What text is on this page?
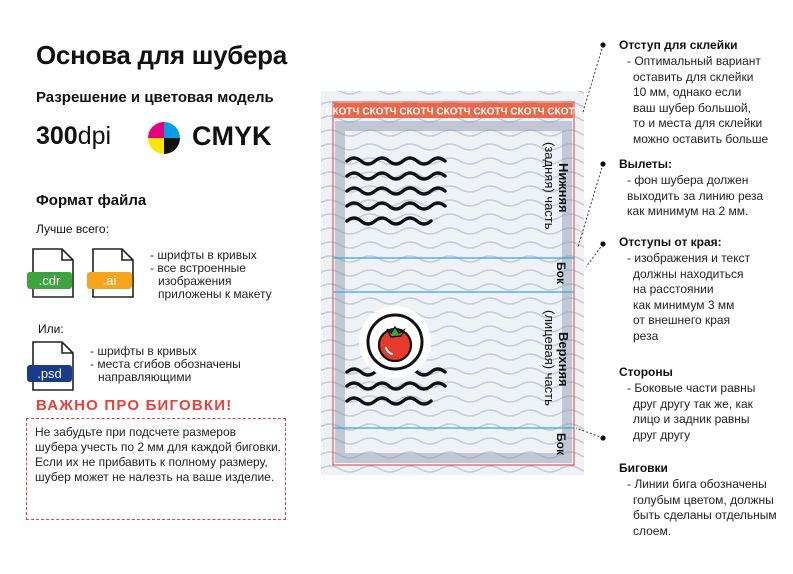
Основа для шубера
Разрешение и цветовая модель
300dpi	CMYK
Формат файла
Лучше всего:
.cdr	.ai
- шрифты в кривых
- все встроенные
изображения
приложены к макету
Или:
.psd
- шрифты в кривых
- места сгибов обозначены
направляющими
ВАЖНО ПРО БИГОВКИ!
Не забудьте при подсчете размеров
шубера учесть по 2 мм для каждой биговки.
Если их не прибавить к полному размеру,
шубер может не налезть на ваше изделие.
СКОТЧ СКОТЧ СКОТЧ СКОТЧ СКОТЧ СКОТЧ СКОТЧ
Нижняя
(задняя) часть
Бок
Верхняя
(лицевая) часть
Бок
Отступ для склейки
- Оптимальный вариант
оставить для склейки
10 мм, однако если
ваш шубер большой,
то и места для склейки
можно оставить больше
Вылеты:
- фон шубера должен
выходить за линию реза
как минимум на 2 мм.
Отступы от края:
- изображения и текст
должны находиться
на расстоянии
как минимум 3 мм
от внешнего края
реза
Стороны
- Боковые части равны
друг другу так же, как
лицо и задник равны
друг другу
Биговки
- Линии бига обозначены
голубым цветом, должны
быть сделаны отдельным
слоем.
